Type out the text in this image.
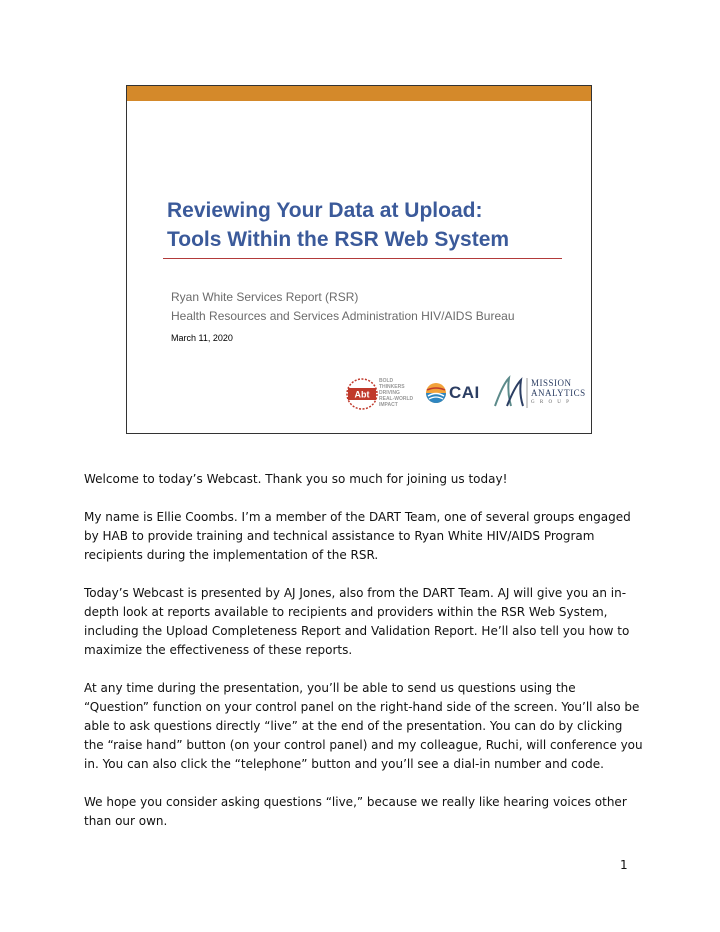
Reviewing Your Data at Upload:
Tools Within the RSR Web System
Ryan White Services Report (RSR)
Health Resources and Services Administration HIV/AIDS Bureau
March 11, 2020
Abt
BOLD
THINKERS
DRIVING
REAL-WORLD
IMPACT
CAI	MISSION
ANALYTICS
G R O U P

Welcome to today’s Webcast. Thank you so much for joining us today!

My name is Ellie Coombs. I’m a member of the DART Team, one of several groups engaged by HAB to provide training and technical assistance to Ryan White HIV/AIDS Program recipients during the implementation of the RSR.

Today’s Webcast is presented by AJ Jones, also from the DART Team. AJ will give you an in-depth look at reports available to recipients and providers within the RSR Web System, including the Upload Completeness Report and Validation Report. He’ll also tell you how to maximize the effectiveness of these reports.

At any time during the presentation, you’ll be able to send us questions using the “Question” function on your control panel on the right-hand side of the screen. You’ll also be able to ask questions directly “live” at the end of the presentation. You can do by clicking the “raise hand” button (on your control panel) and my colleague, Ruchi, will conference you in. You can also click the “telephone” button and you’ll see a dial-in number and code.

We hope you consider asking questions “live,” because we really like hearing voices other than our own.

1
